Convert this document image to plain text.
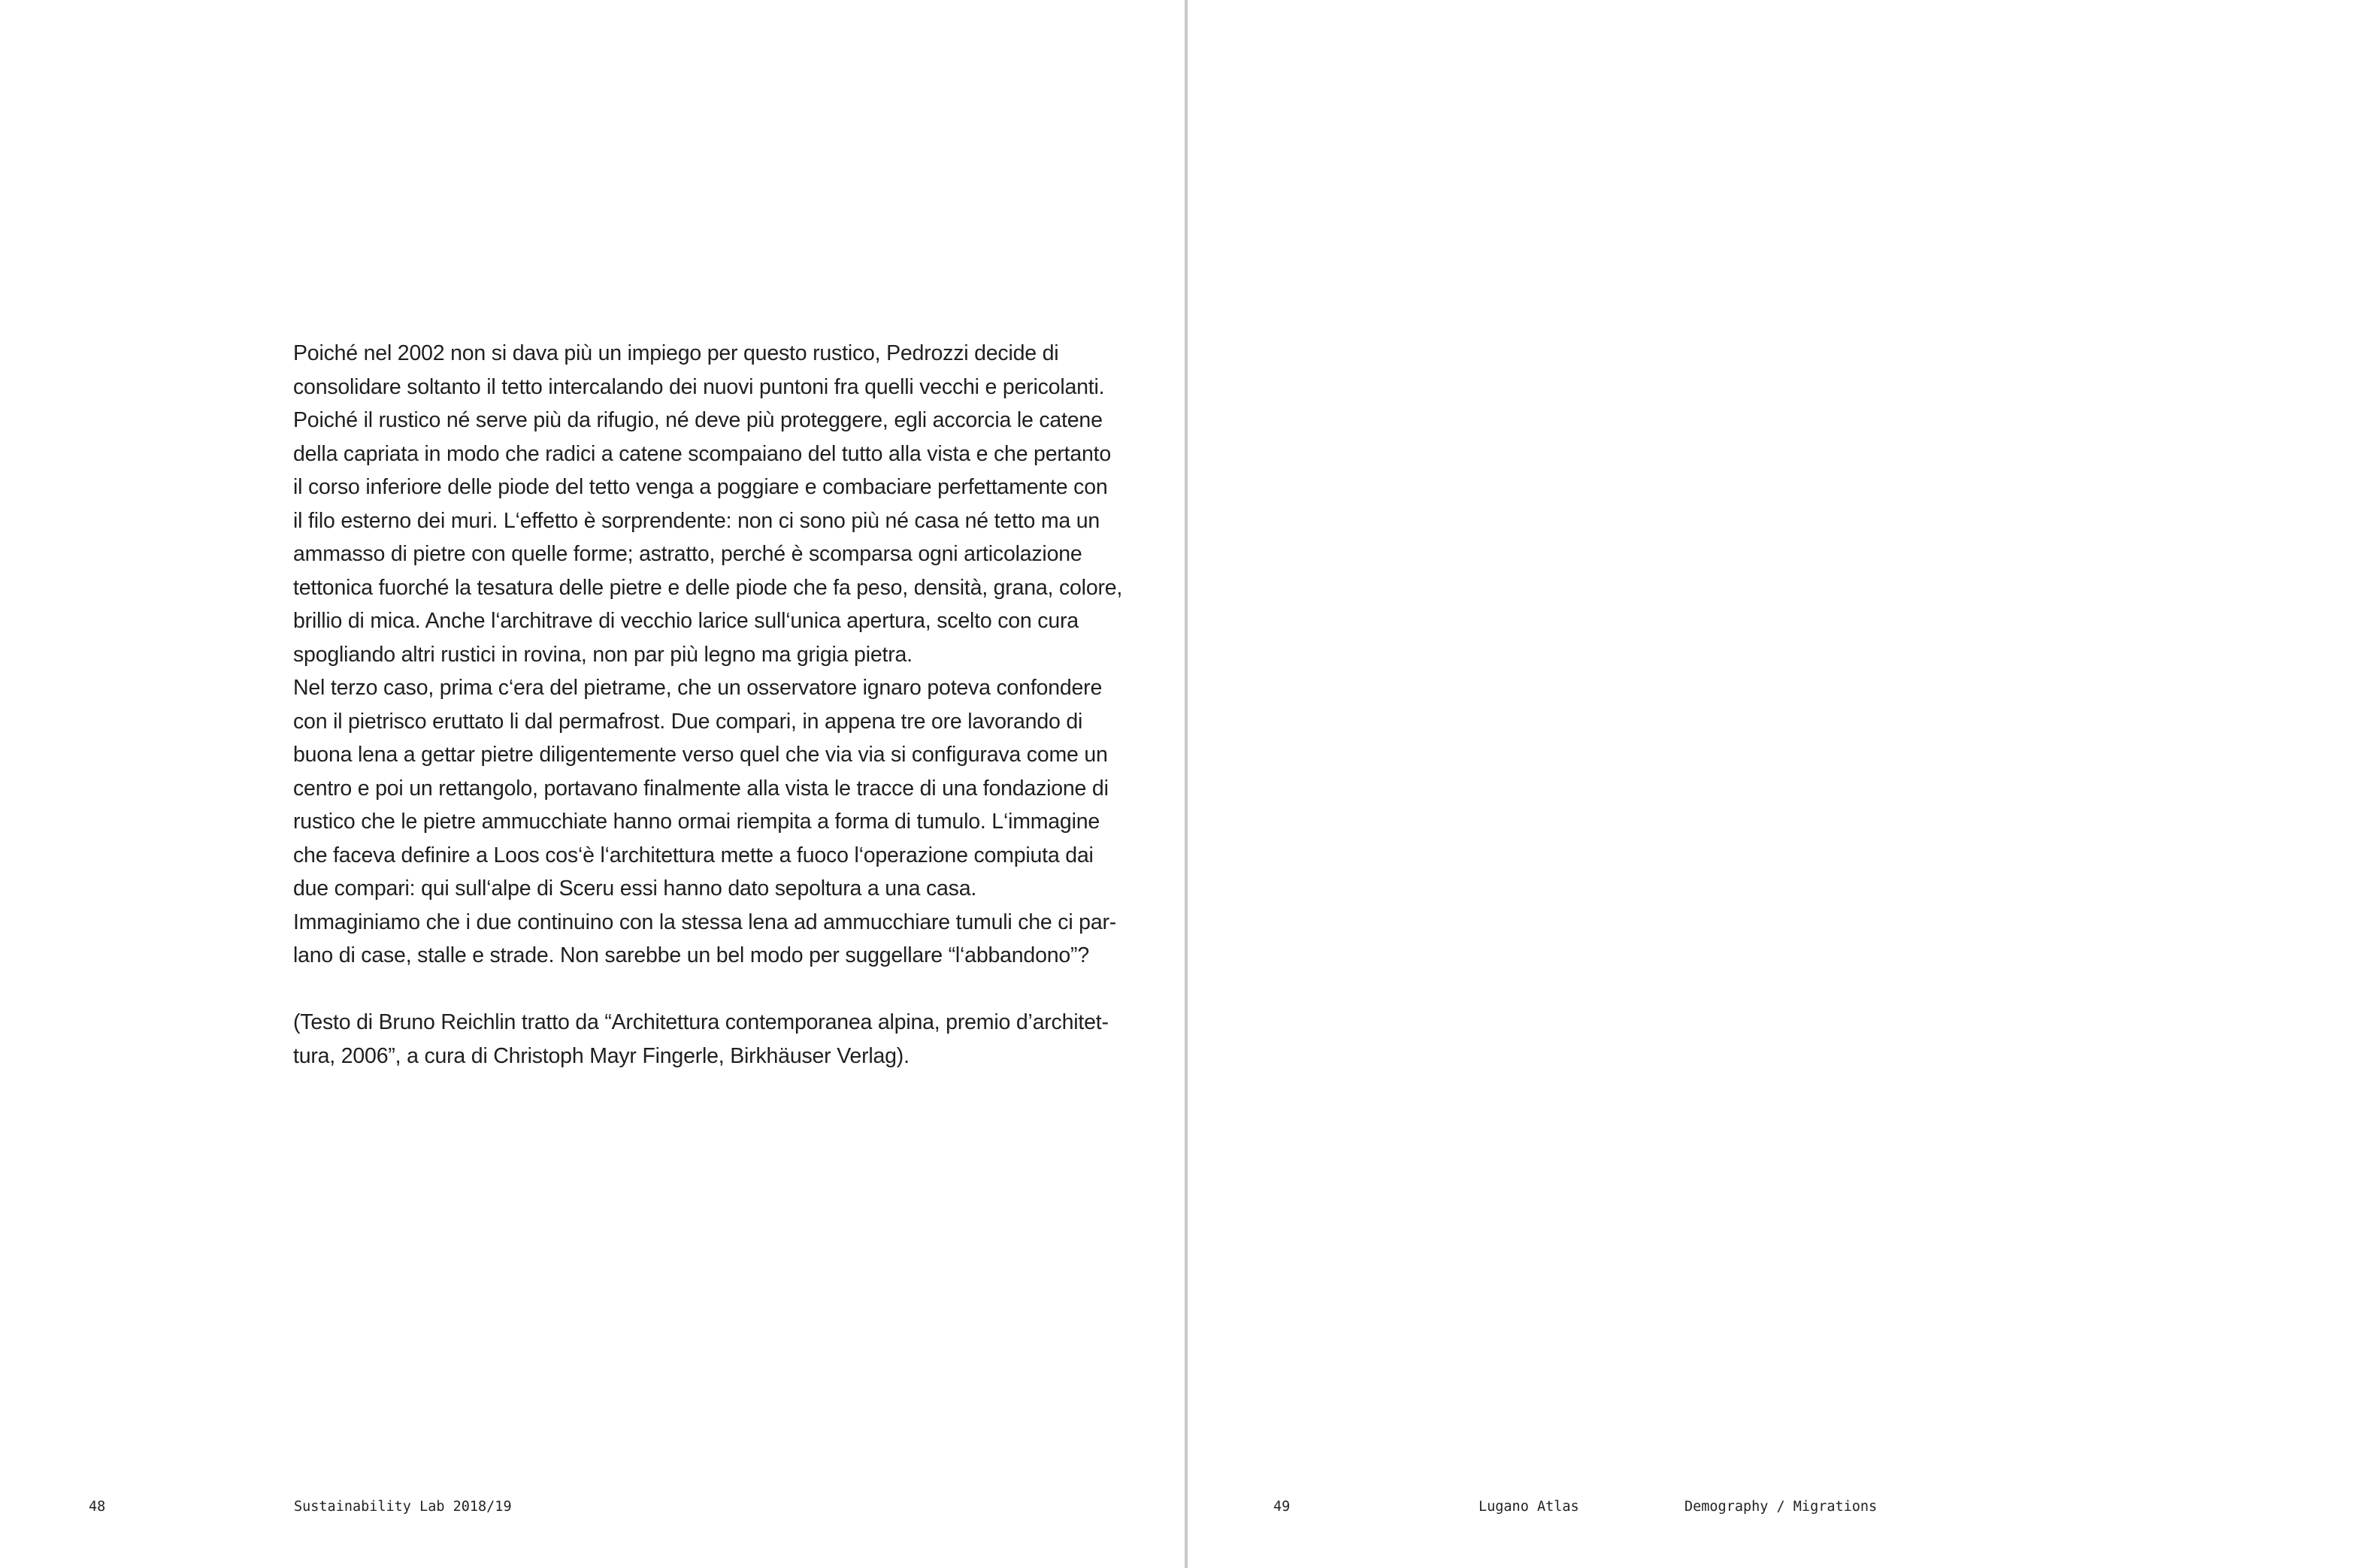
Poiché nel 2002 non si dava più un impiego per questo rustico, Pedrozzi decide di
consolidare soltanto il tetto intercalando dei nuovi puntoni fra quelli vecchi e pericolanti.
Poiché il rustico né serve più da rifugio, né deve più proteggere, egli accorcia le catene
della capriata in modo che radici a catene scompaiano del tutto alla vista e che pertanto
il corso inferiore delle piode del tetto venga a poggiare e combaciare perfettamente con
il filo esterno dei muri. L‘effetto è sorprendente: non ci sono più né casa né tetto ma un
ammasso di pietre con quelle forme; astratto, perché è scomparsa ogni articolazione
tettonica fuorché la tesatura delle pietre e delle piode che fa peso, densità, grana, colore,
brillio di mica. Anche l‘architrave di vecchio larice sull‘unica apertura, scelto con cura
spogliando altri rustici in rovina, non par più legno ma grigia pietra.
Nel terzo caso, prima c‘era del pietrame, che un osservatore ignaro poteva confondere
con il pietrisco eruttato li dal permafrost. Due compari, in appena tre ore lavorando di
buona lena a gettar pietre diligentemente verso quel che via via si configurava come un
centro e poi un rettangolo, portavano finalmente alla vista le tracce di una fondazione di
rustico che le pietre ammucchiate hanno ormai riempita a forma di tumulo. L‘immagine
che faceva definire a Loos cos‘è l‘architettura mette a fuoco l‘operazione compiuta dai
due compari: qui sull‘alpe di Sceru essi hanno dato sepoltura a una casa.
Immaginiamo che i due continuino con la stessa lena ad ammucchiare tumuli che ci par-
lano di case, stalle e strade. Non sarebbe un bel modo per suggellare “l‘abbandono”?
(Testo di Bruno Reichlin tratto da “Architettura contemporanea alpina, premio d’architet-
tura, 2006”, a cura di Christoph Mayr Fingerle, Birkhäuser Verlag).
48	Sustainability Lab 2018/19	49	Lugano Atlas	Demography / Migrations
